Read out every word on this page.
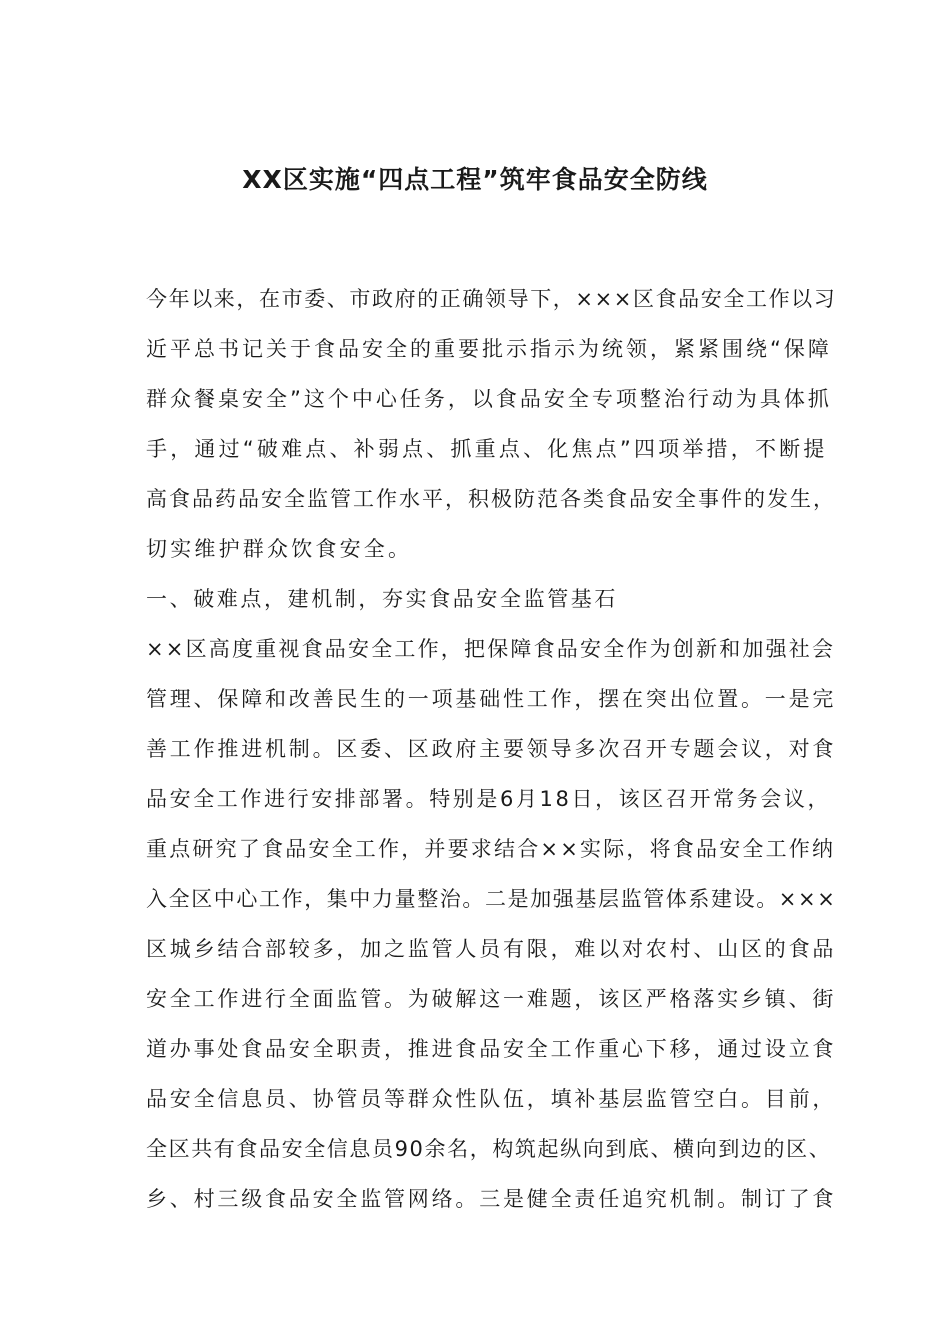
XX区实施“四点工程”筑牢食品安全防线
今年以来，在市委、市政府的正确领导下，×××区食品安全工作以习
近平总书记关于食品安全的重要批示指示为统领，紧紧围绕“保障
群众餐桌安全”这个中心任务，以食品安全专项整治行动为具体抓
手，通过“破难点、补弱点、抓重点、化焦点”四项举措，不断提
高食品药品安全监管工作水平，积极防范各类食品安全事件的发生，
切实维护群众饮食安全。
一、破难点，建机制，夯实食品安全监管基石
××区高度重视食品安全工作，把保障食品安全作为创新和加强社会
管理、保障和改善民生的一项基础性工作，摆在突出位置。一是完
善工作推进机制。区委、区政府主要领导多次召开专题会议，对食
品安全工作进行安排部署。特别是6月18日，该区召开常务会议，
重点研究了食品安全工作，并要求结合××实际，将食品安全工作纳
入全区中心工作，集中力量整治。二是加强基层监管体系建设。×××
区城乡结合部较多，加之监管人员有限，难以对农村、山区的食品
安全工作进行全面监管。为破解这一难题，该区严格落实乡镇、街
道办事处食品安全职责，推进食品安全工作重心下移，通过设立食
品安全信息员、协管员等群众性队伍，填补基层监管空白。目前，
全区共有食品安全信息员90余名，构筑起纵向到底、横向到边的区、
乡、村三级食品安全监管网络。三是健全责任追究机制。制订了食
